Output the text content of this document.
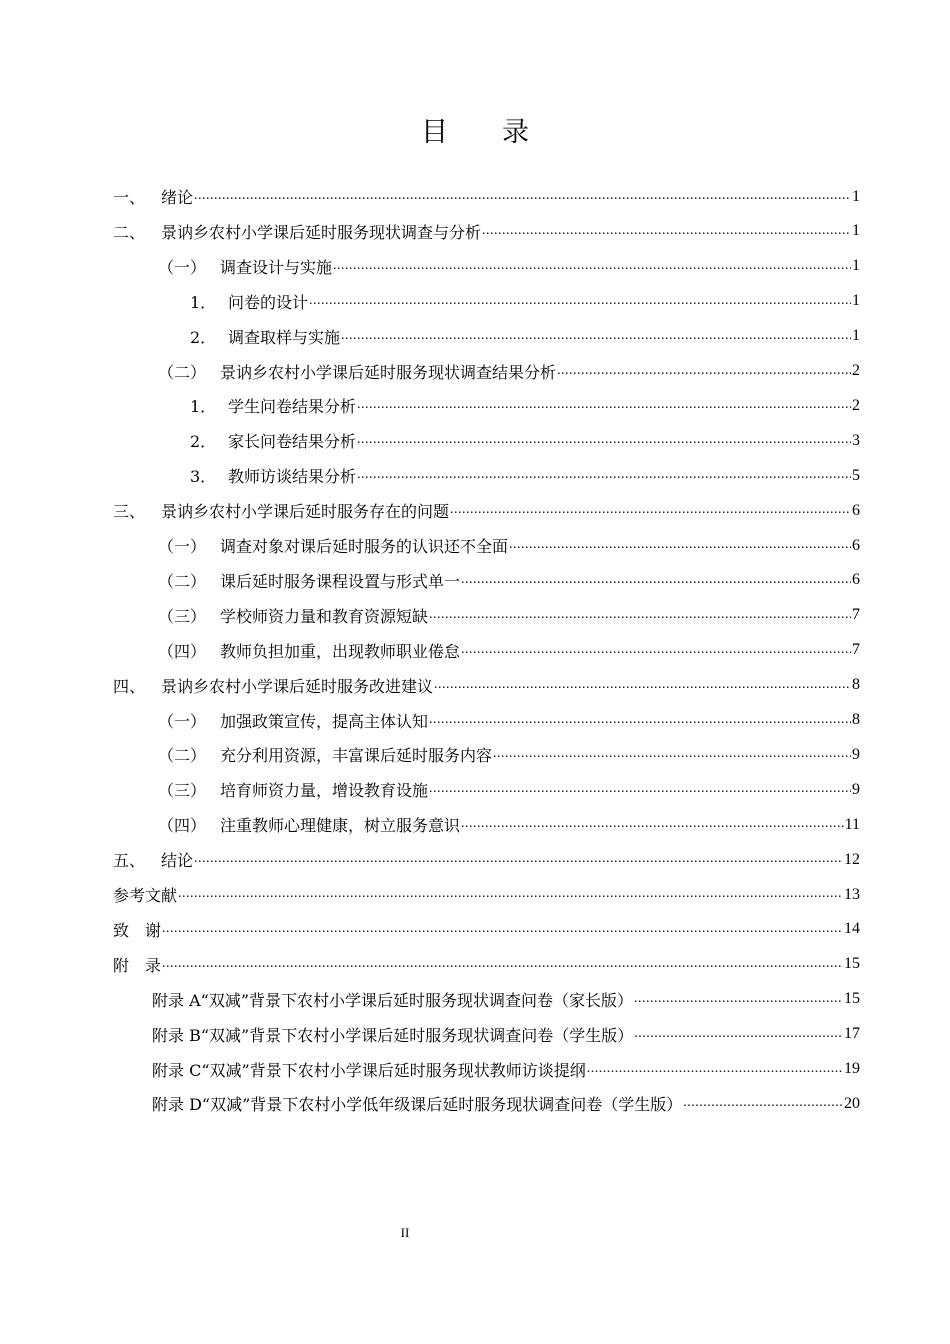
目 录
一、 绪论 .....	1
二、 景讷乡农村小学课后延时服务现状调查与分析 .....	1
（一） 调查设计与实施 .....	1
1． 问卷的设计 .....	1
2． 调查取样与实施 .....	1
（二） 景讷乡农村小学课后延时服务现状调查结果分析 .....	2
1． 学生问卷结果分析 .....	2
2． 家长问卷结果分析 .....	3
3． 教师访谈结果分析 .....	5
三、 景讷乡农村小学课后延时服务存在的问题 .....	6
（一） 调查对象对课后延时服务的认识还不全面 .....	6
（二） 课后延时服务课程设置与形式单一 .....	6
（三） 学校师资力量和教育资源短缺 .....	7
（四） 教师负担加重，出现教师职业倦怠 .....	7
四、 景讷乡农村小学课后延时服务改进建议 .....	8
（一） 加强政策宣传，提高主体认知 .....	8
（二） 充分利用资源，丰富课后延时服务内容 .....	9
（三） 培育师资力量，增设教育设施 .....	9
（四） 注重教师心理健康，树立服务意识 .....	11
五、 结论 .....	12
参考文献 .....	13
致　谢 .....	14
附　录 .....	15
附录 A“双减”背景下农村小学课后延时服务现状调查问卷（家长版） .....	15
附录 B“双减”背景下农村小学课后延时服务现状调查问卷（学生版） .....	17
附录 C“双减”背景下农村小学课后延时服务现状教师访谈提纲 .....	19
附录 D“双减”背景下农村小学低年级课后延时服务现状调查问卷（学生版） .....	20
II
